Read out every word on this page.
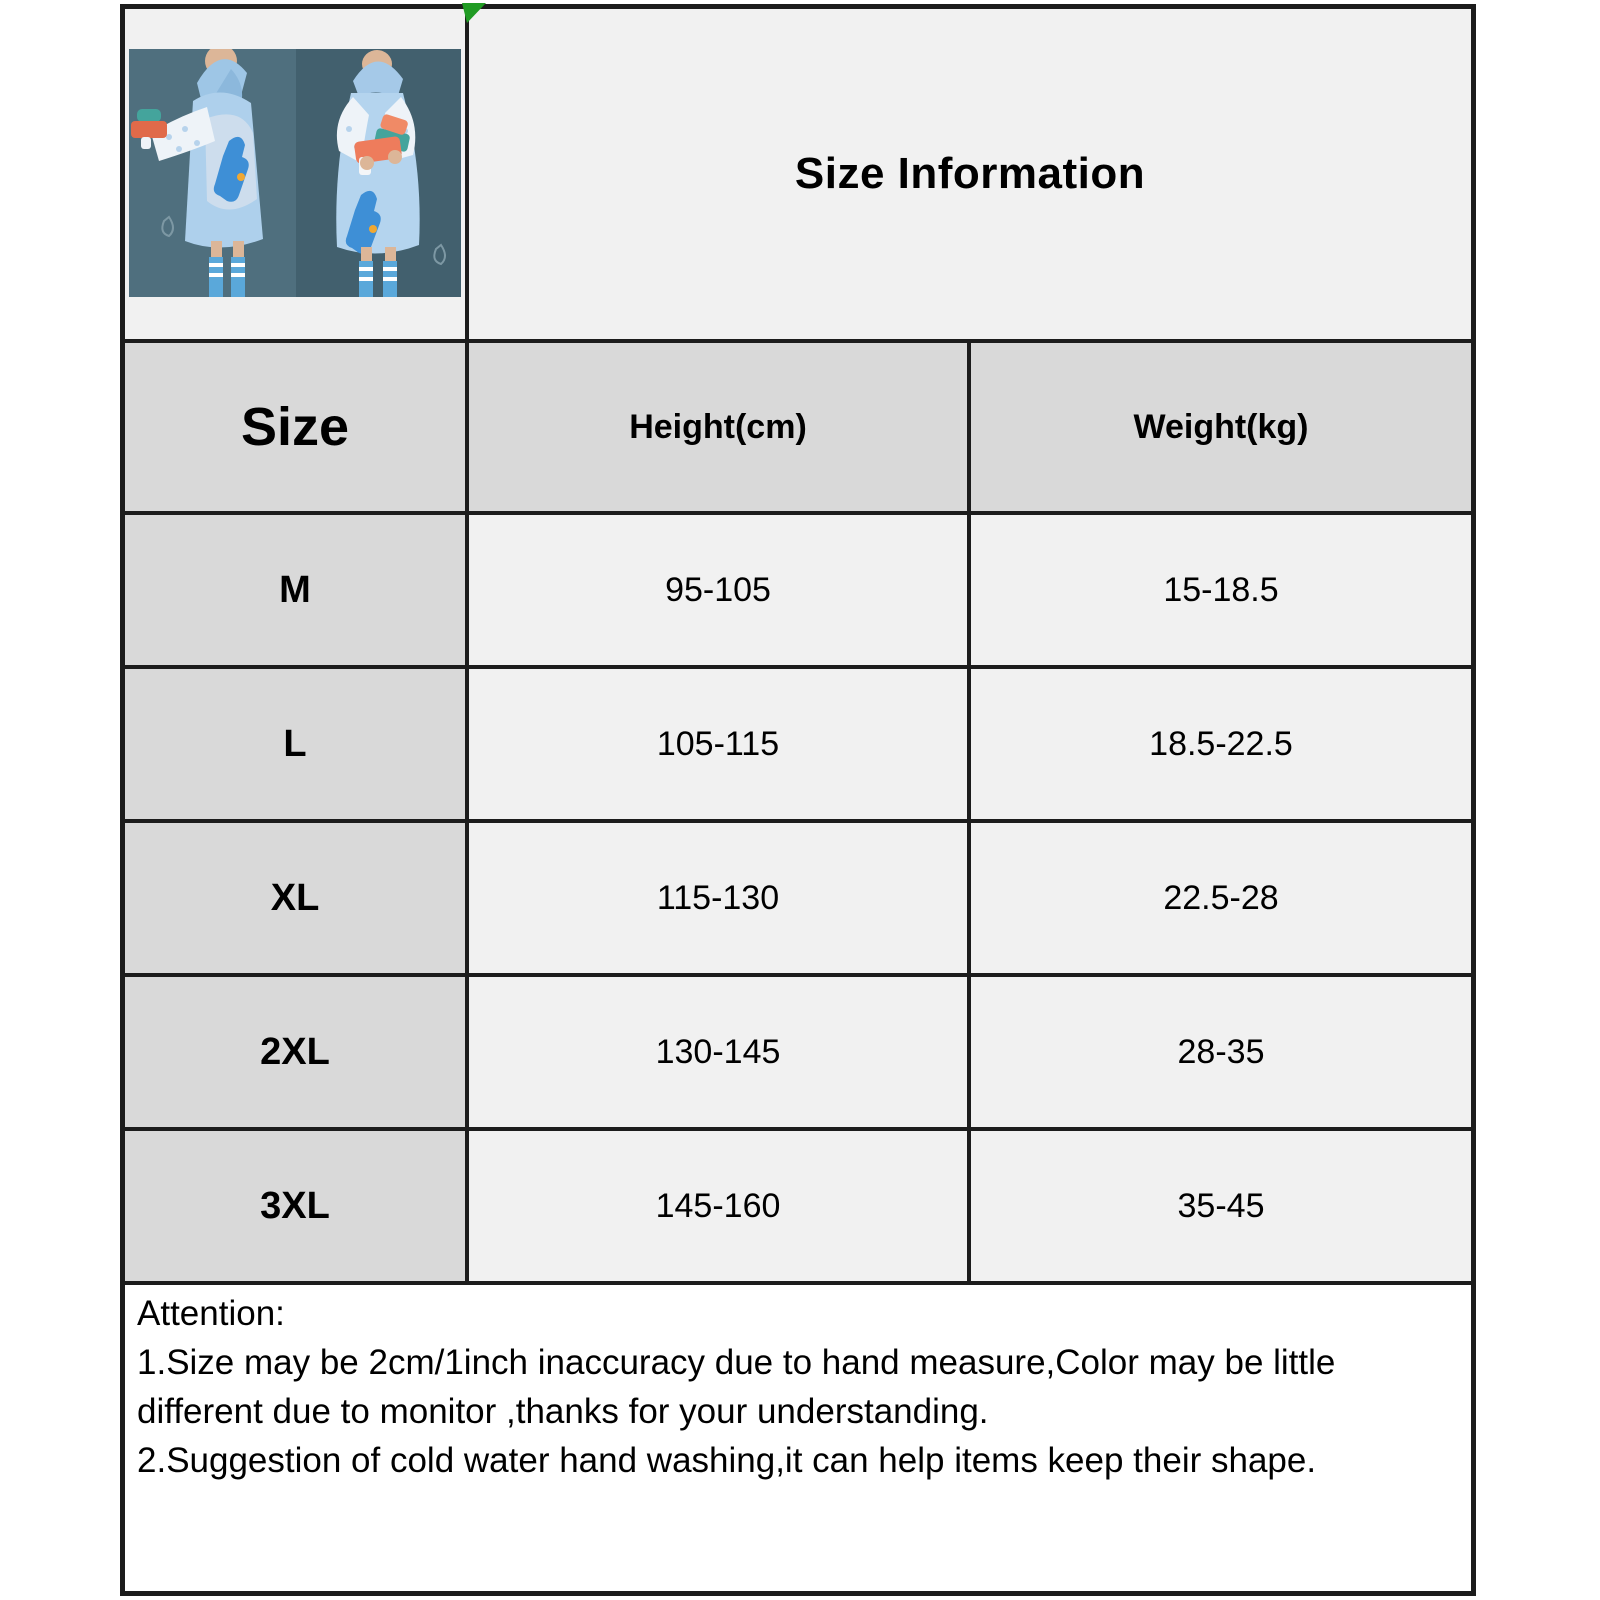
Size Information
Size	Height(cm)	Weight(kg)
M	95-105	15-18.5
L	105-115	18.5-22.5
XL	115-130	22.5-28
2XL	130-145	28-35
3XL	145-160	35-45

Attention:

1.Size may be 2cm/1inch inaccuracy due to hand measure,Color may be little different due to monitor ,thanks for your understanding.

2.Suggestion of cold water hand washing,it can help items keep their shape.
